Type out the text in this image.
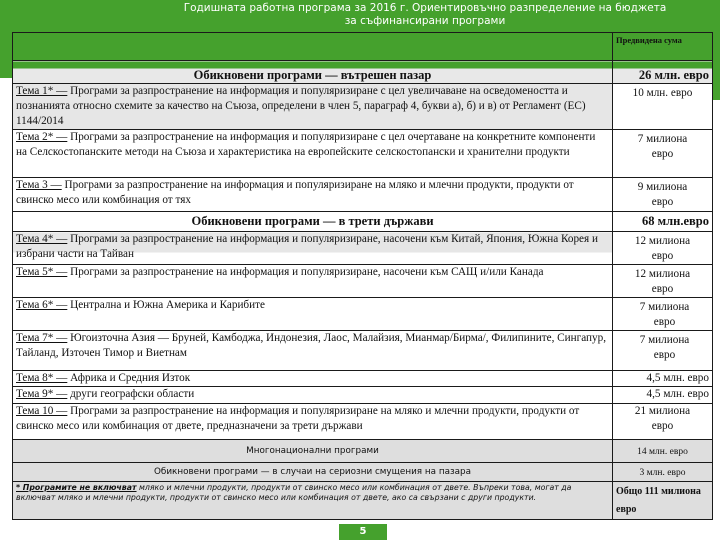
Годишната работна програма за 2016 г. Ориентировъчно разпределение на бюджета
за съфинансирани програми
	Предвидена сума
Обикновени програми — вътрешен пазар	26 млн. евро
Тема 1* — Програми за разпространение на информация и популяризиране с цел увеличаване на осведомеността и познанията относно схемите за качество на Съюза, определени в член 5, параграф 4, букви а), б) и в) от Регламент (ЕС) 1144/2014	10 млн. евро
Тема 2* — Програми за разпространение на информация и популяризиране с цел очертаване на конкретните компоненти на Селскостопанските методи на Съюза и характеристика на европейските селскостопански и хранителни продукти	7 милиона евро
Тема 3 — Програми за разпространение на информация и популяризиране на мляко и млечни продукти, продукти от свинско месо или комбинация от тях	9 милиона евро
Обикновени програми — в трети държави	68 млн.евро
Тема 4* — Програми за разпространение на информация и популяризиране, насочени към Китай, Япония, Южна Корея и избрани части на Тайван	12 милиона евро
Тема 5* — Програми за разпространение на информация и популяризиране, насочени към САЩ и/или Канада	12 милиона евро
Тема 6* — Централна и Южна Америка и Карибите	7 милиона евро
Тема 7* — Югоизточна Азия — Бруней, Камбоджа, Индонезия, Лаос, Малайзия, Мианмар/Бирма/, Филипините, Сингапур, Тайланд, Източен Тимор и Виетнам	7 милиона евро
Тема 8* — Африка и Средния Изток	4,5 млн. евро
Тема 9* — други географски области	4,5 млн. евро
Тема 10 — Програми за разпространение на информация и популяризиране на мляко и млечни продукти, продукти от свинско месо или комбинация от двете, предназначени за трети държави	21 милиона евро
Многонационални програми	14 млн. евро
Обикновени програми — в случаи на сериозни смущения на пазара	3 млн. евро
* Програмите не включват мляко и млечни продукти, продукти от свинско месо или комбинация от двете. Въпреки това, могат да включват мляко и млечни продукти, продукти от свинско месо или комбинация от двете, ако са свързани с други продукти.	Общо 111 милиона евро
5
